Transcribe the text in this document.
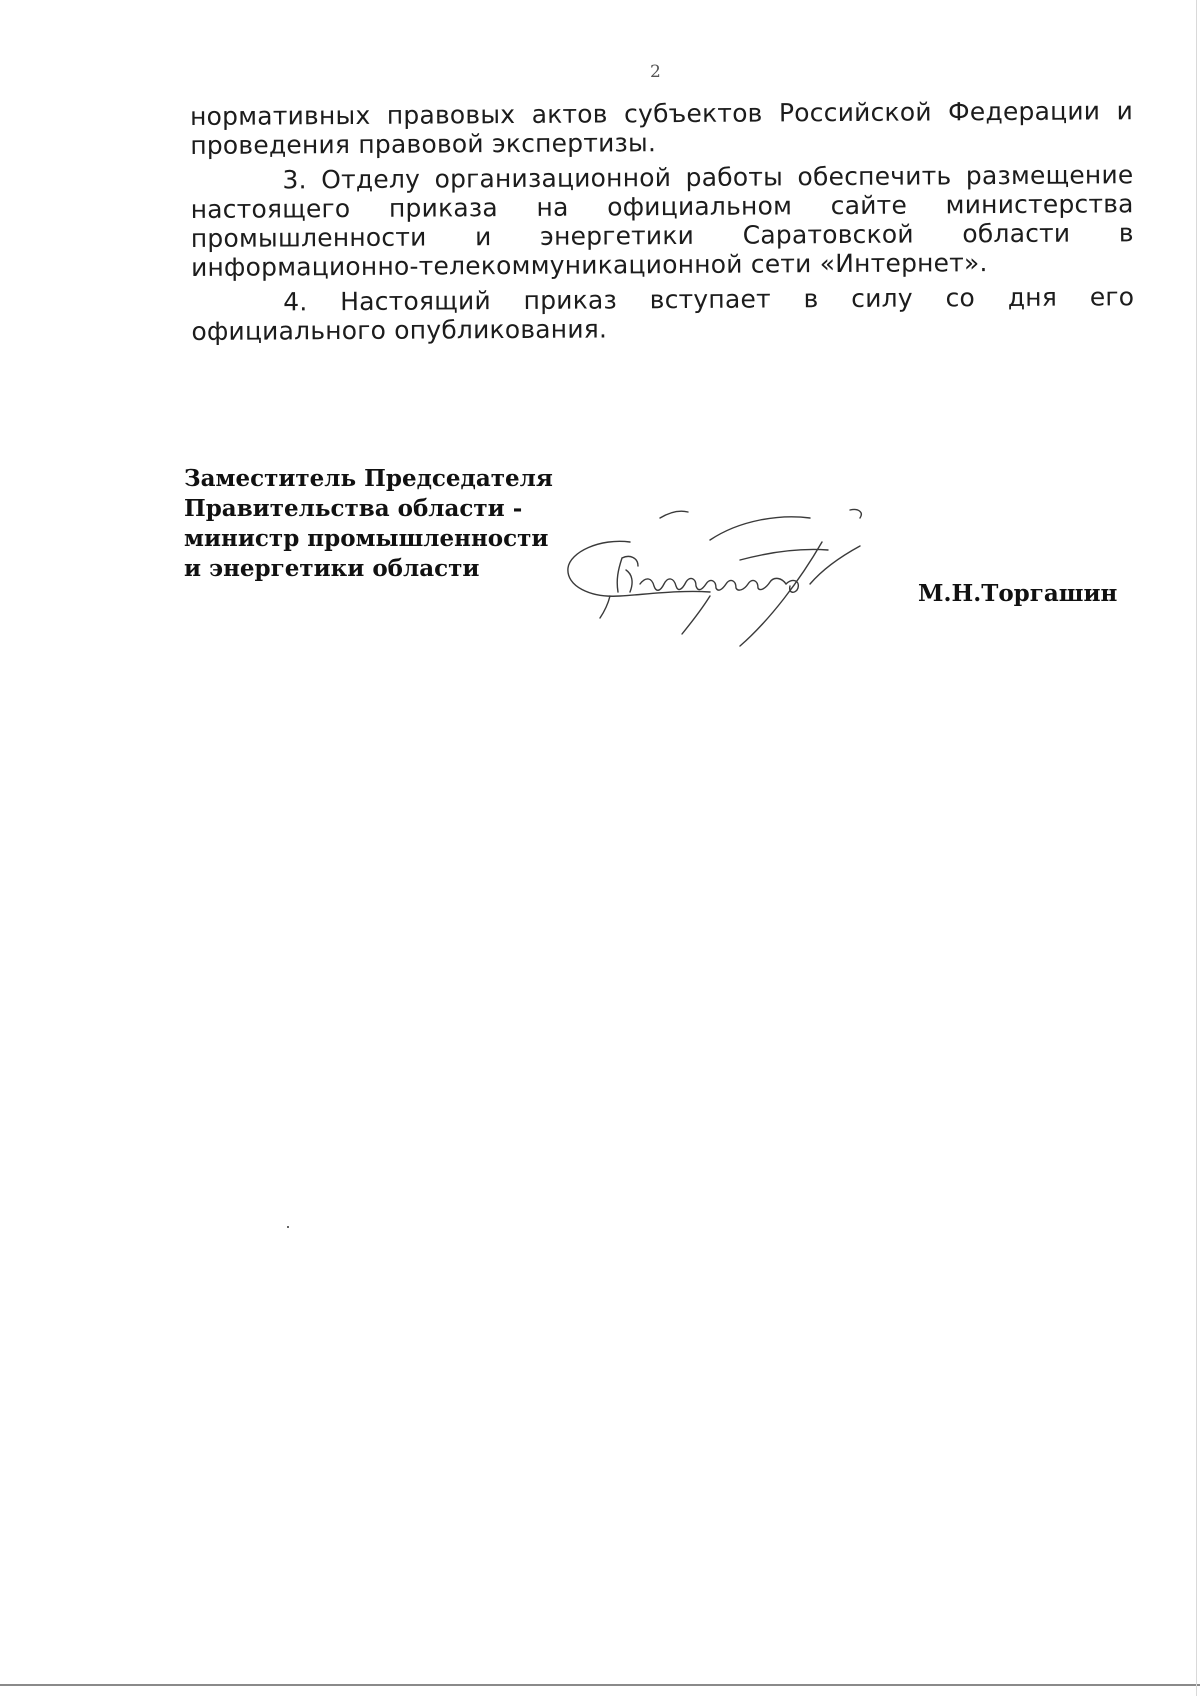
2

нормативных правовых актов субъектов Российской Федерации и проведения правовой экспертизы.

3. Отделу организационной работы обеспечить размещение настоящего приказа на официальном сайте министерства промышленности и энергетики Саратовской области в информационно-телекоммуникационной сети «Интернет».

4. Настоящий приказ вступает в силу со дня его официального опубликования.

Заместитель Председателя
Правительства области -
министр промышленности
и энергетики области
М.Н.Торгашин
